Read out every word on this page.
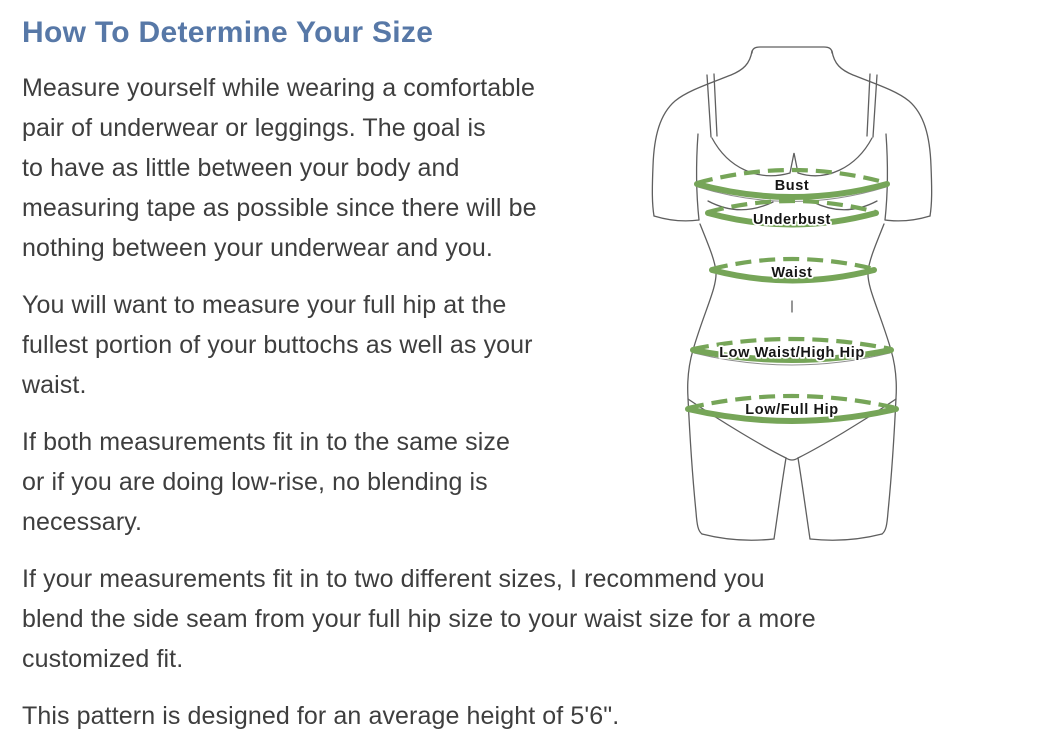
How To Determine Your Size
Measure yourself while wearing a comfortable
pair of underwear or leggings. The goal is
to have as little between your body and
measuring tape as possible since there will be
nothing between your underwear and you.
You will want to measure your full hip at the
fullest portion of your buttochs as well as your
waist.
If both measurements fit in to the same size
or if you are doing low-rise, no blending is
necessary.
If your measurements fit in to two different sizes, I recommend you
blend the side seam from your full hip size to your waist size for a more
customized fit.
This pattern is designed for an average height of 5'6".
Bust
Underbust
Waist
Low Waist/High Hip
Low/Full Hip
